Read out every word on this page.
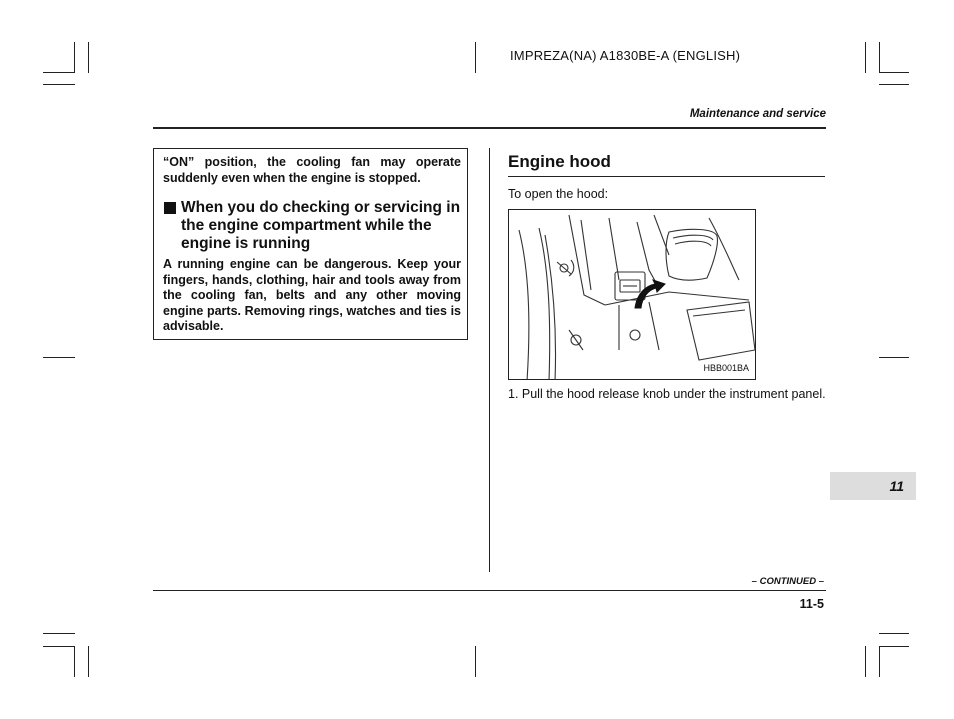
IMPREZA(NA) A1830BE-A (ENGLISH)
Maintenance and service
“ON” position, the cooling fan may operate suddenly even when the engine is stopped.
When you do checking or servicing in the engine compartment while the engine is running
A running engine can be dangerous. Keep your fingers, hands, clothing, hair and tools away from the cooling fan, belts and any other moving engine parts. Removing rings, watches and ties is advisable.
Engine hood
To open the hood:
HBB001BA
1. Pull the hood release knob under the instrument panel.
11
– CONTINUED –
11-5
